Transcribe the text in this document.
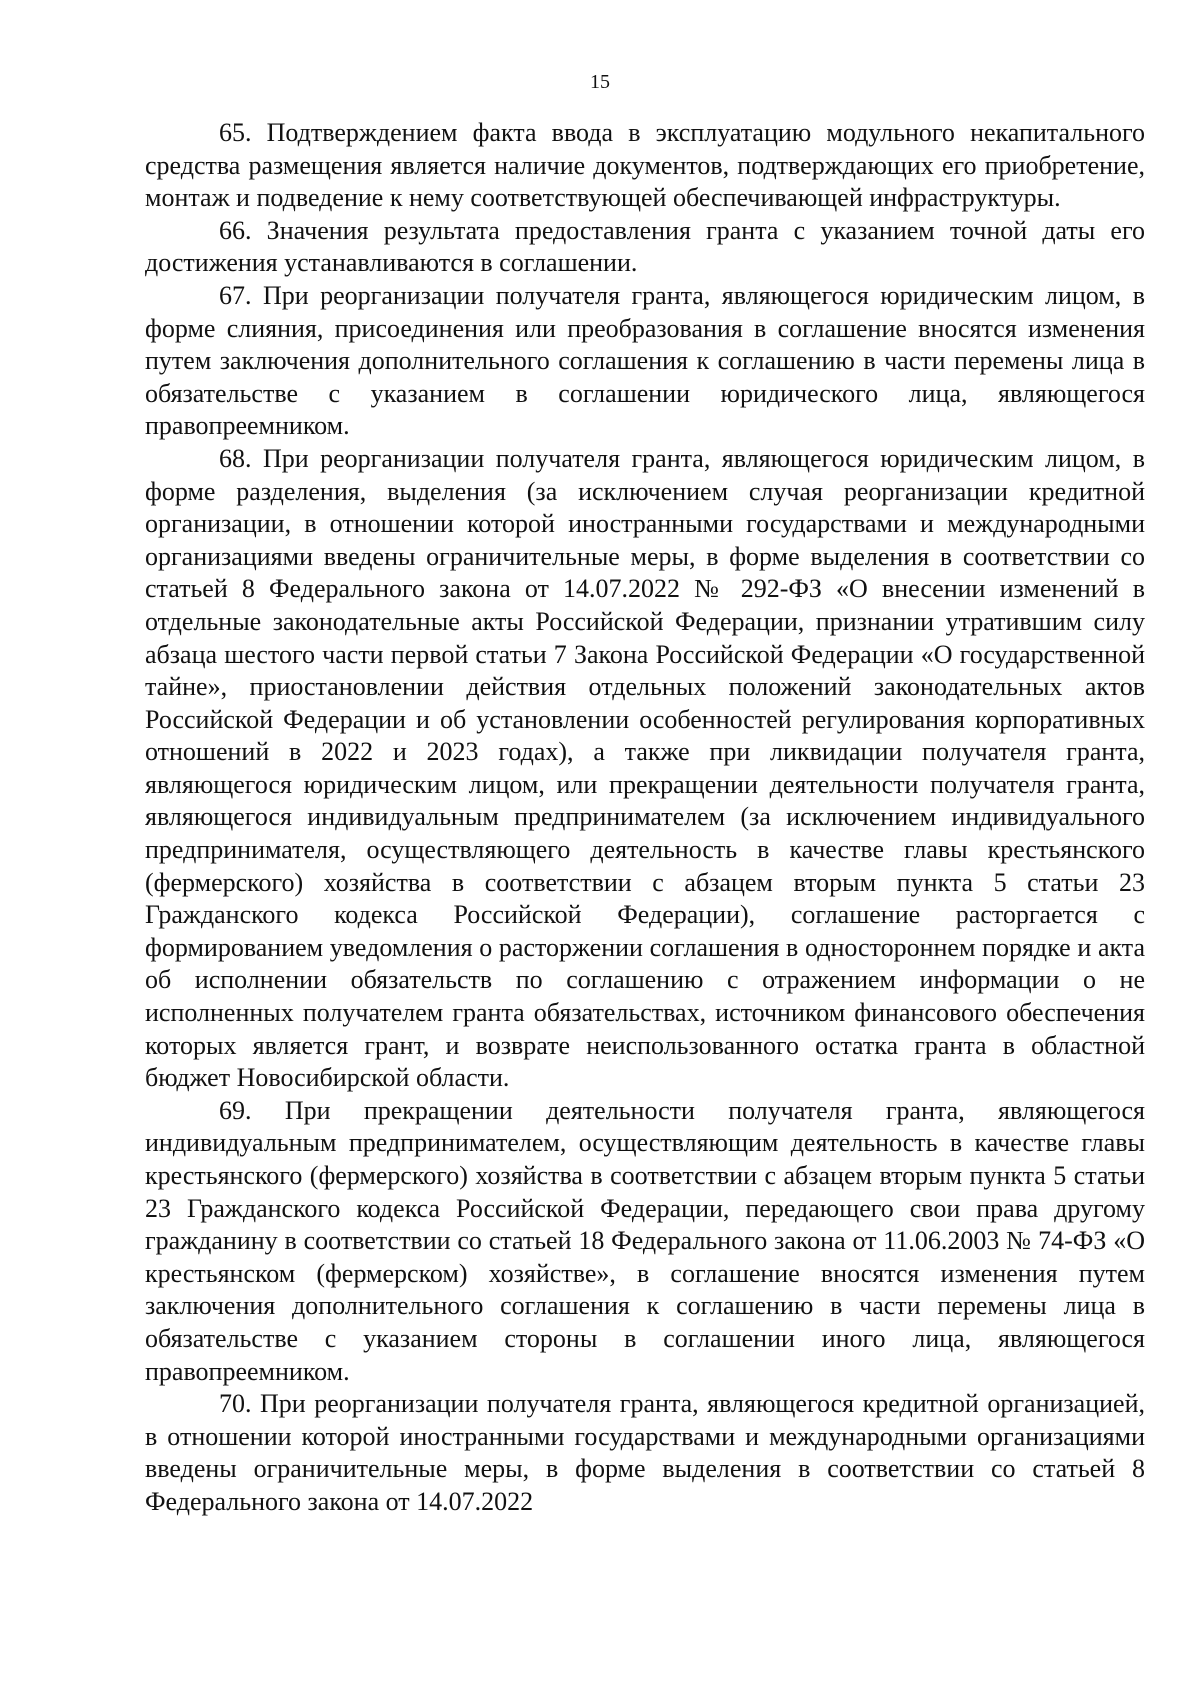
15

65. Подтверждением факта ввода в эксплуатацию модульного некапитального средства размещения является наличие документов, подтверждающих его приобретение, монтаж и подведение к нему соответствующей обеспечивающей инфраструктуры.

66. Значения результата предоставления гранта с указанием точной даты его достижения устанавливаются в соглашении.

67. При реорганизации получателя гранта, являющегося юридическим лицом, в форме слияния, присоединения или преобразования в соглашение вносятся изменения путем заключения дополнительного соглашения к соглашению в части перемены лица в обязательстве с указанием в соглашении юридического лица, являющегося правопреемником.

68. При реорганизации получателя гранта, являющегося юридическим лицом, в форме разделения, выделения (за исключением случая реорганизации кредитной организации, в отношении которой иностранными государствами и международными организациями введены ограничительные меры, в форме выделения в соответствии со статьей 8 Федерального закона от 14.07.2022 № 292-ФЗ «О внесении изменений в отдельные законодательные акты Российской Федерации, признании утратившим силу абзаца шестого части первой статьи 7 Закона Российской Федерации «О государственной тайне», приостановлении действия отдельных положений законодательных актов Российской Федерации и об установлении особенностей регулирования корпоративных отношений в 2022 и 2023 годах), а также при ликвидации получателя гранта, являющегося юридическим лицом, или прекращении деятельности получателя гранта, являющегося индивидуальным предпринимателем (за исключением индивидуального предпринимателя, осуществляющего деятельность в качестве главы крестьянского (фермерского) хозяйства в соответствии с абзацем вторым пункта 5 статьи 23 Гражданского кодекса Российской Федерации), соглашение расторгается с формированием уведомления о расторжении соглашения в одностороннем порядке и акта об исполнении обязательств по соглашению с отражением информации о не исполненных получателем гранта обязательствах, источником финансового обеспечения которых является грант, и возврате неиспользованного остатка гранта в областной бюджет Новосибирской области.

69. При прекращении деятельности получателя гранта, являющегося индивидуальным предпринимателем, осуществляющим деятельность в качестве главы крестьянского (фермерского) хозяйства в соответствии с абзацем вторым пункта 5 статьи 23 Гражданского кодекса Российской Федерации, передающего свои права другому гражданину в соответствии со статьей 18 Федерального закона от 11.06.2003 № 74-ФЗ «О крестьянском (фермерском) хозяйстве», в соглашение вносятся изменения путем заключения дополнительного соглашения к соглашению в части перемены лица в обязательстве с указанием стороны в соглашении иного лица, являющегося правопреемником.

70. При реорганизации получателя гранта, являющегося кредитной организацией, в отношении которой иностранными государствами и международными организациями введены ограничительные меры, в форме выделения в соответствии со статьей 8 Федерального закона от 14.07.2022
